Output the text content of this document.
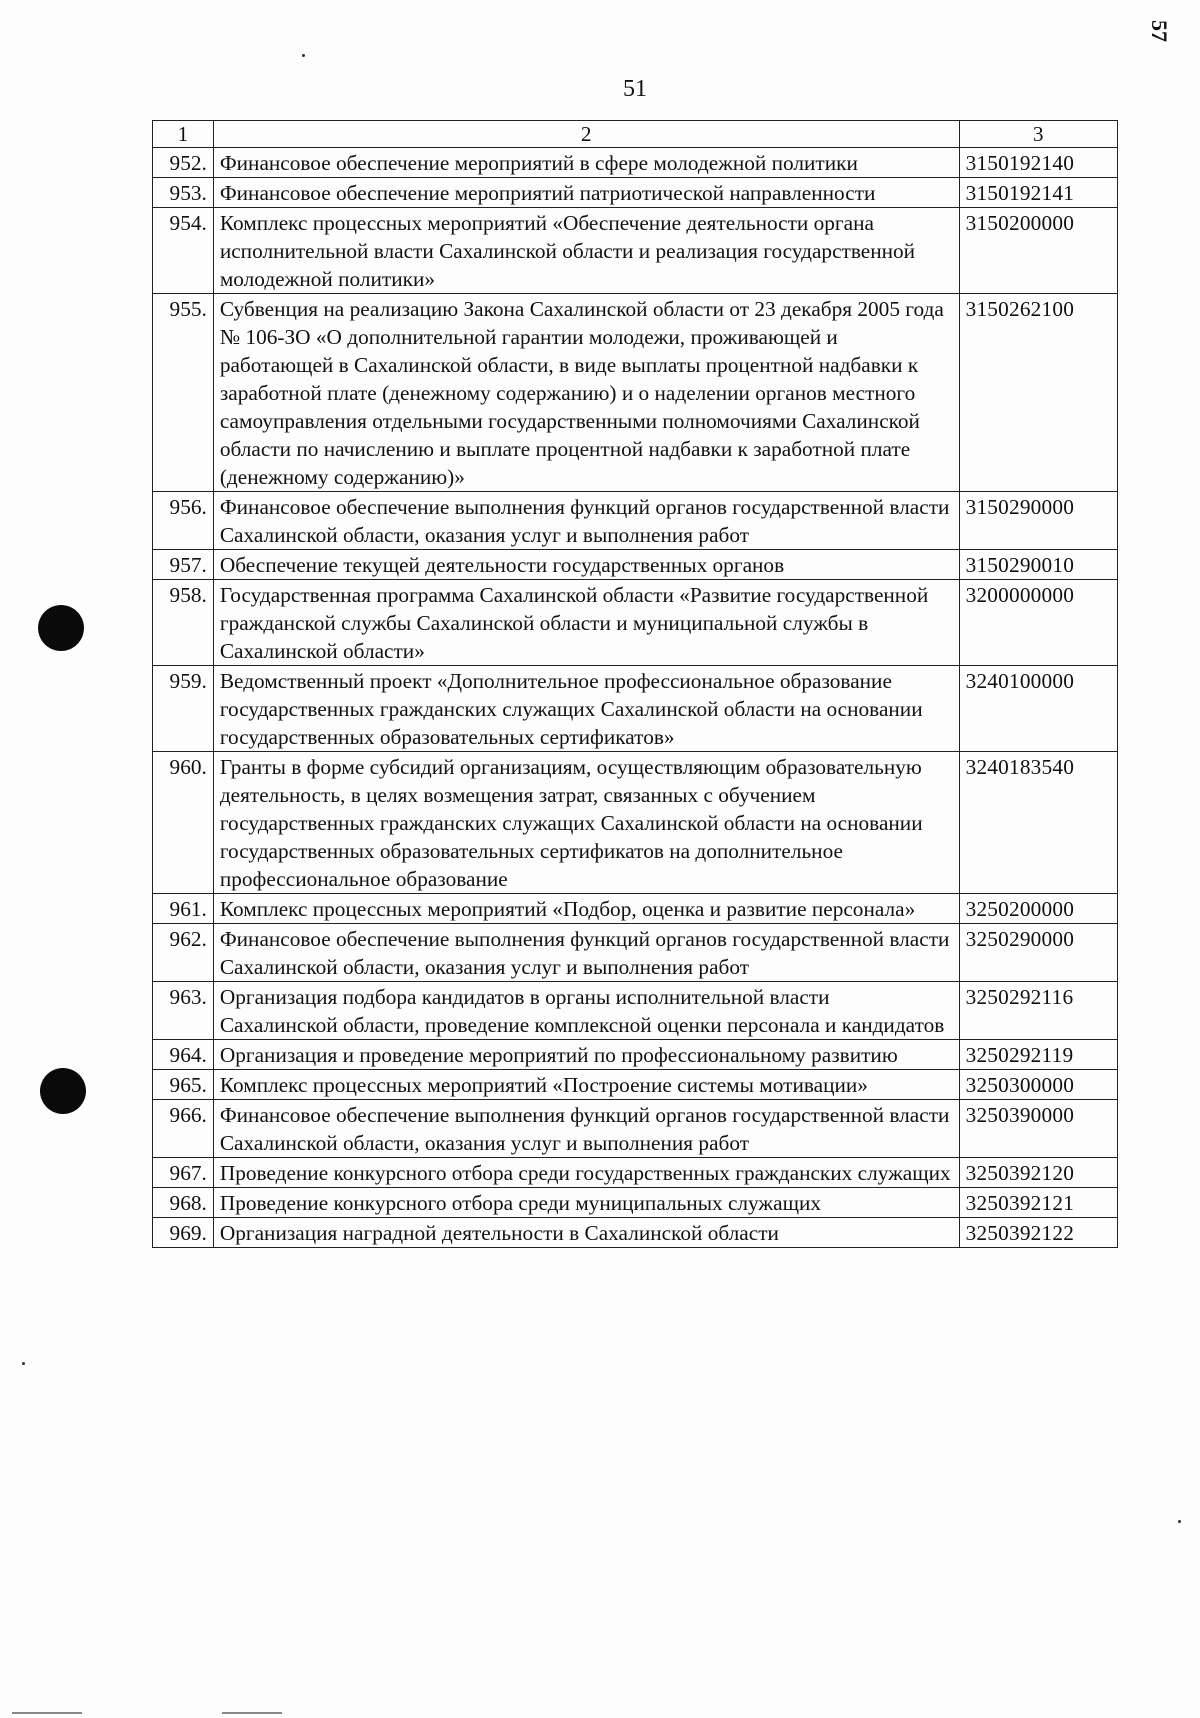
51
57
1	2	3
952.	Финансовое обеспечение мероприятий в сфере молодежной политики	3150192140
953.	Финансовое обеспечение мероприятий патриотической направленности	3150192141
954.	Комплекс процессных мероприятий «Обеспечение деятельности органа исполнительной власти Сахалинской области и реализация государственной молодежной политики»	3150200000
955.	Субвенция на реализацию Закона Сахалинской области от 23 декабря 2005 года № 106-ЗО «О дополнительной гарантии молодежи, проживающей и работающей в Сахалинской области, в виде выплаты процентной надбавки к заработной плате (денежному содержанию) и о наделении органов местного самоуправления отдельными государственными полномочиями Сахалинской области по начислению и выплате процентной надбавки к заработной плате (денежному содержанию)»	3150262100
956.	Финансовое обеспечение выполнения функций органов государственной власти Сахалинской области, оказания услуг и выполнения работ	3150290000
957.	Обеспечение текущей деятельности государственных органов	3150290010
958.	Государственная программа Сахалинской области «Развитие государственной гражданской службы Сахалинской области и муниципальной службы в Сахалинской области»	3200000000
959.	Ведомственный проект «Дополнительное профессиональное образование государственных гражданских служащих Сахалинской области на основании государственных образовательных сертификатов»	3240100000
960.	Гранты в форме субсидий организациям, осуществляющим образовательную деятельность, в целях возмещения затрат, связанных с обучением государственных гражданских служащих Сахалинской области на основании государственных образовательных сертификатов на дополнительное профессиональное образование	3240183540
961.	Комплекс процессных мероприятий «Подбор, оценка и развитие персонала»	3250200000
962.	Финансовое обеспечение выполнения функций органов государственной власти Сахалинской области, оказания услуг и выполнения работ	3250290000
963.	Организация подбора кандидатов в органы исполнительной власти Сахалинской области, проведение комплексной оценки персонала и кандидатов	3250292116
964.	Организация и проведение мероприятий по профессиональному развитию	3250292119
965.	Комплекс процессных мероприятий «Построение системы мотивации»	3250300000
966.	Финансовое обеспечение выполнения функций органов государственной власти Сахалинской области, оказания услуг и выполнения работ	3250390000
967.	Проведение конкурсного отбора среди государственных гражданских служащих	3250392120
968.	Проведение конкурсного отбора среди муниципальных служащих	3250392121
969.	Организация наградной деятельности в Сахалинской области	3250392122
